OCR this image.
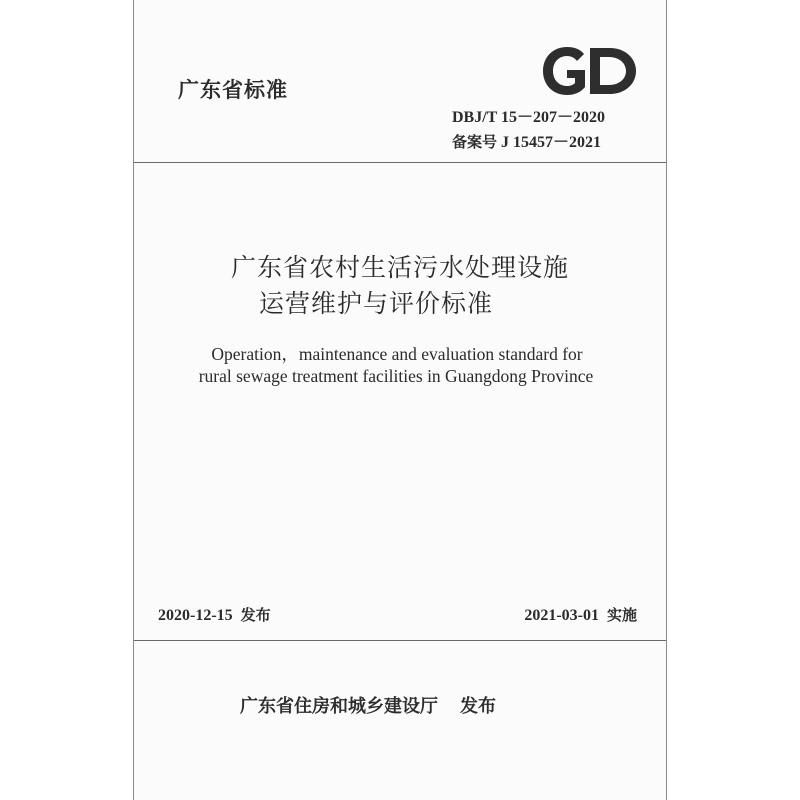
广东省标准
DBJ/T 15－207－2020
备案号 J 15457－2021
广东省农村生活污水处理设施
运营维护与评价标准
Operation，maintenance and evaluation standard for
rural sewage treatment facilities in Guangdong Province
2020-12-15 发布	2021-03-01 实施
广东省住房和城乡建设厅 发布
